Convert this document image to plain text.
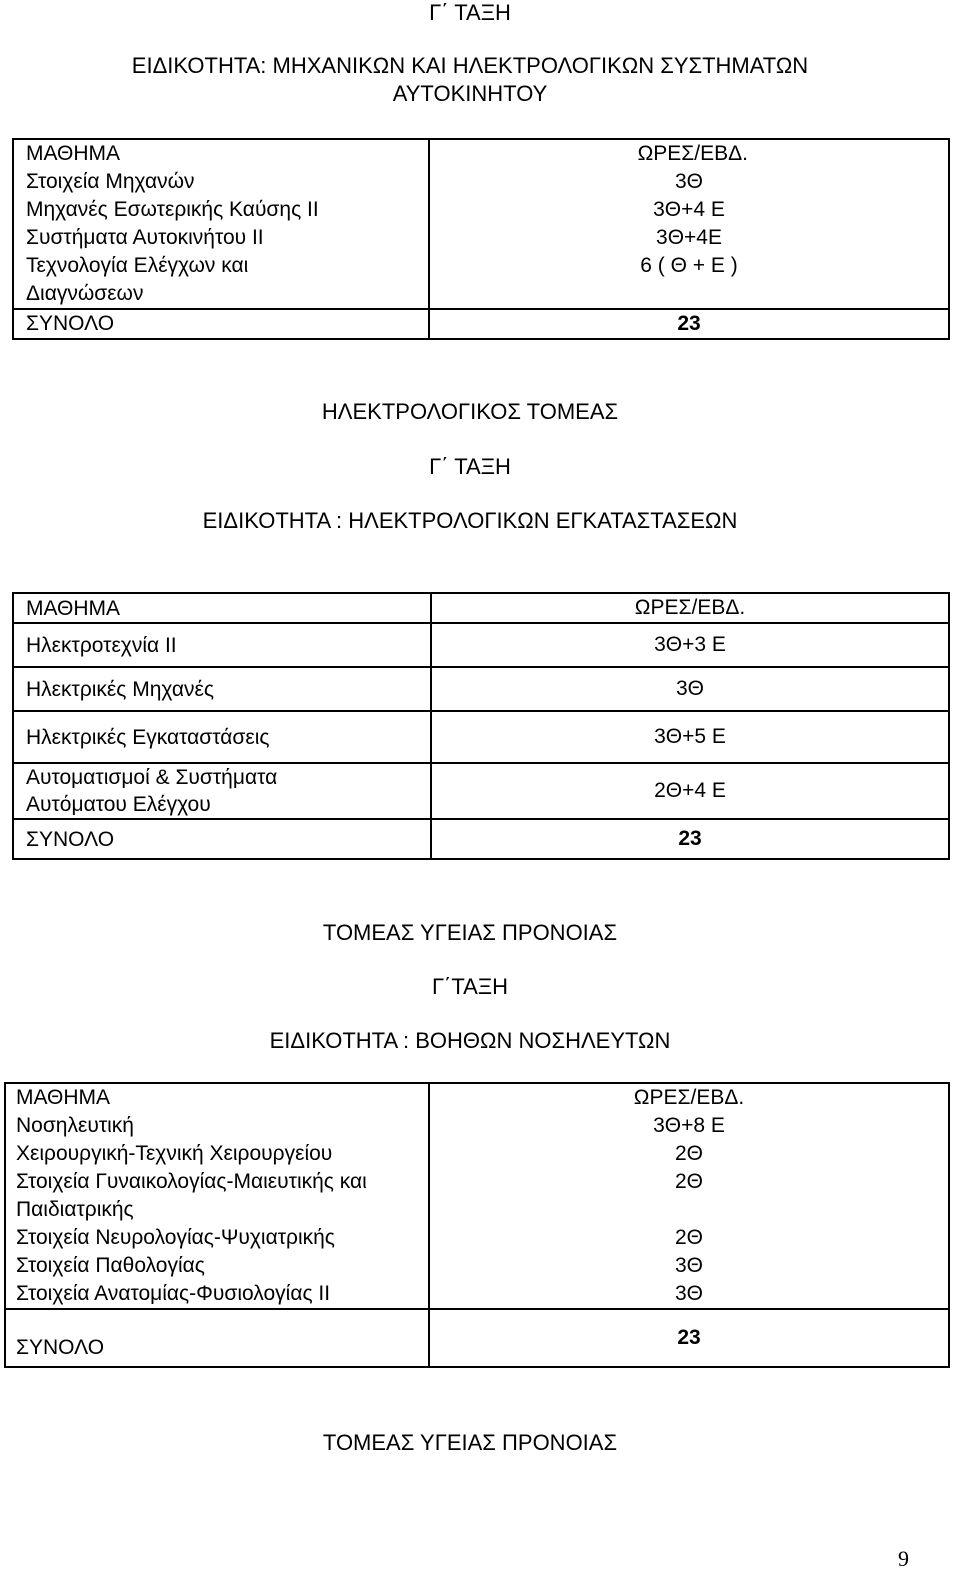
Γ΄ ΤΑΞΗ
ΕΙΔΙΚΟΤΗΤΑ: ΜΗΧΑΝΙΚΩΝ ΚΑΙ ΗΛΕΚΤΡΟΛΟΓΙΚΩΝ ΣΥΣΤΗΜΑΤΩΝ
ΑΥΤΟΚΙΝΗΤΟΥ
ΜΑΘΗΜΑ	ΩΡΕΣ/ΕΒΔ.
Στοιχεία Μηχανών	3Θ
Μηχανές Εσωτερικής Καύσης ΙΙ	3Θ+4 Ε
Συστήματα Αυτοκινήτου ΙΙ	3Θ+4Ε

Τεχνολογία Ελέγχων και
Διαγνώσεων	6 ( Θ + Ε )
ΣΥΝΟΛΟ	23
ΗΛΕΚΤΡΟΛΟΓΙΚΟΣ ΤΟΜΕΑΣ
Γ΄ ΤΑΞΗ
ΕΙΔΙΚΟΤΗΤΑ : ΗΛΕΚΤΡΟΛΟΓΙΚΩΝ ΕΓΚΑΤΑΣΤΑΣΕΩΝ
ΜΑΘΗΜΑ	ΩΡΕΣ/ΕΒΔ.
Ηλεκτροτεχνία ΙΙ	3Θ+3 Ε
Ηλεκτρικές Μηχανές	3Θ
Ηλεκτρικές Εγκαταστάσεις	3Θ+5 Ε

Αυτοματισμοί & Συστήματα
Αυτόματου Ελέγχου	2Θ+4 Ε
ΣΥΝΟΛΟ	23
ΤΟΜΕΑΣ ΥΓΕΙΑΣ ΠΡΟΝΟΙΑΣ
Γ΄ΤΑΞΗ
ΕΙΔΙΚΟΤΗΤΑ : ΒΟΗΘΩΝ ΝΟΣΗΛΕΥΤΩΝ
ΜΑΘΗΜΑ	ΩΡΕΣ/ΕΒΔ.
Νοσηλευτική	3Θ+8 Ε
Χειρουργική-Τεχνική Χειρουργείου	2Θ

Στοιχεία Γυναικολογίας-Μαιευτικής και
Παιδιατρικής	2Θ
Στοιχεία Νευρολογίας-Ψυχιατρικής	2Θ
Στοιχεία Παθολογίας	3Θ
Στοιχεία Ανατομίας-Φυσιολογίας ΙΙ	3Θ
ΣΥΝΟΛΟ	23
ΤΟΜΕΑΣ ΥΓΕΙΑΣ ΠΡΟΝΟΙΑΣ
9
